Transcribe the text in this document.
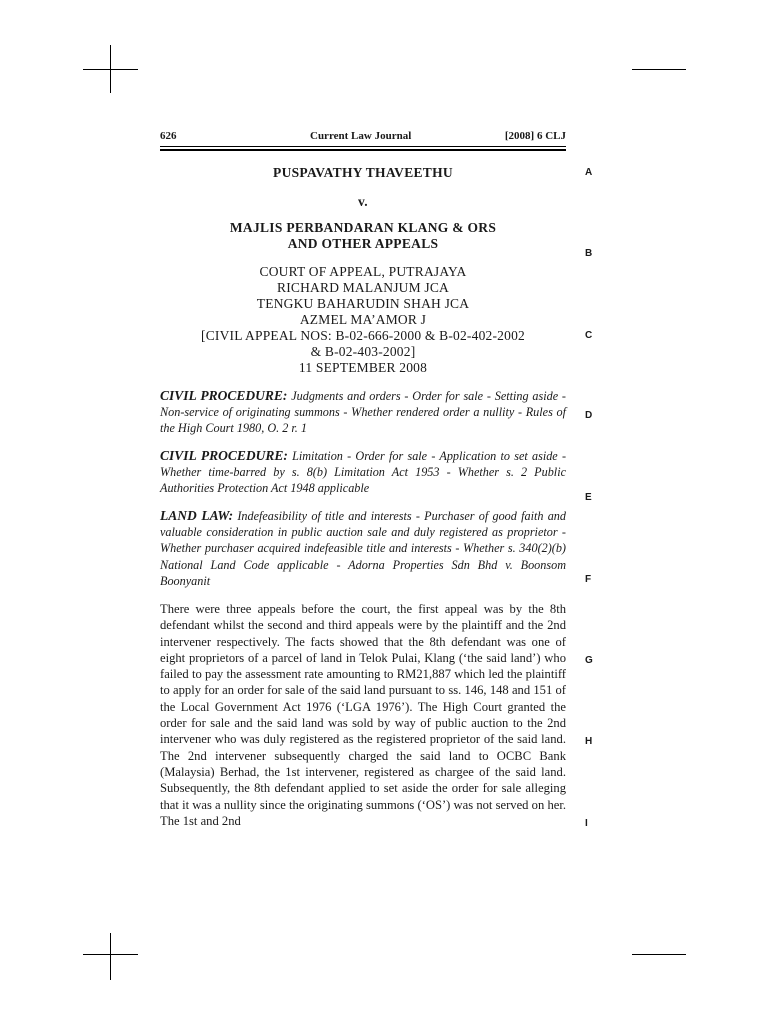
626	Current Law Journal	[2008] 6 CLJ
PUSPAVATHY THAVEETHU
v.
MAJLIS PERBANDARAN KLANG & ORS
AND OTHER APPEALS
COURT OF APPEAL, PUTRAJAYA
RICHARD MALANJUM JCA
TENGKU BAHARUDIN SHAH JCA
AZMEL MA’AMOR J
[CIVIL APPEAL NOS: B-02-666-2000 & B-02-402-2002
& B-02-403-2002]
11 SEPTEMBER 2008
CIVIL PROCEDURE: Judgments and orders - Order for sale - Setting aside - Non-service of originating summons - Whether rendered order a nullity - Rules of the High Court 1980, O. 2 r. 1
CIVIL PROCEDURE: Limitation - Order for sale - Application to set aside - Whether time-barred by s. 8(b) Limitation Act 1953 - Whether s. 2 Public Authorities Protection Act 1948 applicable
LAND LAW: Indefeasibility of title and interests - Purchaser of good faith and valuable consideration in public auction sale and duly registered as proprietor - Whether purchaser acquired indefeasible title and interests - Whether s. 340(2)(b) National Land Code applicable - Adorna Properties Sdn Bhd v. Boonsom Boonyanit
There were three appeals before the court, the first appeal was by the 8th defendant whilst the second and third appeals were by the plaintiff and the 2nd intervener respectively. The facts showed that the 8th defendant was one of eight proprietors of a parcel of land in Telok Pulai, Klang (‘the said land’) who failed to pay the assessment rate amounting to RM21,887 which led the plaintiff to apply for an order for sale of the said land pursuant to ss. 146, 148 and 151 of the Local Government Act 1976 (‘LGA 1976’). The High Court granted the order for sale and the said land was sold by way of public auction to the 2nd intervener who was duly registered as the registered proprietor of the said land. The 2nd intervener subsequently charged the said land to OCBC Bank (Malaysia) Berhad, the 1st intervener, registered as chargee of the said land. Subsequently, the 8th defendant applied to set aside the order for sale alleging that it was a nullity since the originating summons (‘OS’) was not served on her. The 1st and 2nd
A
B
C
D
E
F
G
H
I
